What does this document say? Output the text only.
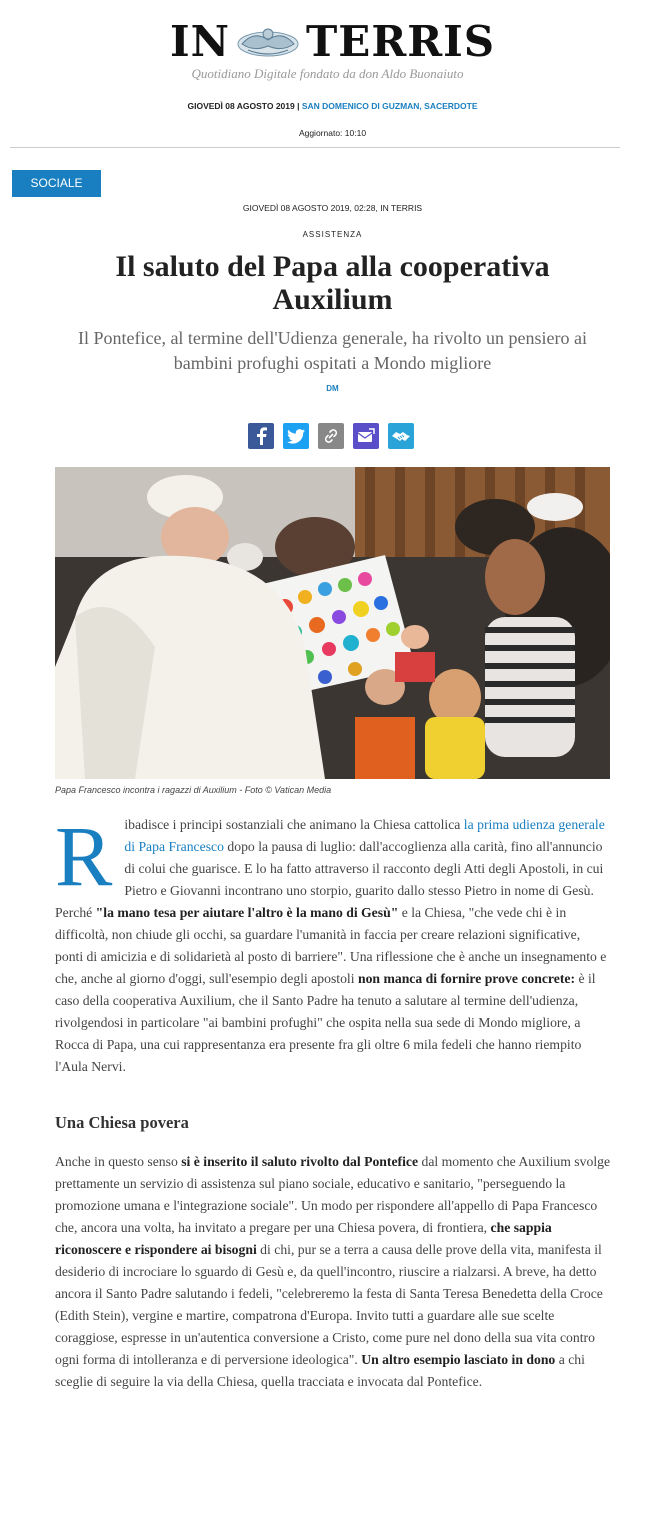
IN TERRIS
Quotidiano Digitale fondato da don Aldo Buonaiuto
GIOVEDÌ 08 AGOSTO 2019 | SAN DOMENICO DI GUZMAN, SACERDOTE
Aggiornato: 10:10
SOCIALE
GIOVEDÌ 08 AGOSTO 2019, 02:28, IN TERRIS
ASSISTENZA
Il saluto del Papa alla cooperativa Auxilium
Il Pontefice, al termine dell'Udienza generale, ha rivolto un pensiero ai bambini profughi ospitati a Mondo migliore
DM
Papa Francesco incontra i ragazzi di Auxilium - Foto © Vatican Media
Ribadisce i principi sostanziali che animano la Chiesa cattolica la prima udienza generale di Papa Francesco dopo la pausa di luglio: dall'accoglienza alla carità, fino all'annuncio di colui che guarisce. E lo ha fatto attraverso il racconto degli Atti degli Apostoli, in cui Pietro e Giovanni incontrano uno storpio, guarito dallo stesso Pietro in nome di Gesù. Perché "la mano tesa per aiutare l'altro è la mano di Gesù" e la Chiesa, "che vede chi è in difficoltà, non chiude gli occhi, sa guardare l'umanità in faccia per creare relazioni significative, ponti di amicizia e di solidarietà al posto di barriere". Una riflessione che è anche un insegnamento e che, anche al giorno d'oggi, sull'esempio degli apostoli non manca di fornire prove concrete: è il caso della cooperativa Auxilium, che il Santo Padre ha tenuto a salutare al termine dell'udienza, rivolgendosi in particolare "ai bambini profughi" che ospita nella sua sede di Mondo migliore, a Rocca di Papa, una cui rappresentanza era presente fra gli oltre 6 mila fedeli che hanno riempito l'Aula Nervi.
Una Chiesa povera
Anche in questo senso si è inserito il saluto rivolto dal Pontefice dal momento che Auxilium svolge prettamente un servizio di assistenza sul piano sociale, educativo e sanitario, "perseguendo la promozione umana e l'integrazione sociale". Un modo per rispondere all'appello di Papa Francesco che, ancora una volta, ha invitato a pregare per una Chiesa povera, di frontiera, che sappia riconoscere e rispondere ai bisogni di chi, pur se a terra a causa delle prove della vita, manifesta il desiderio di incrociare lo sguardo di Gesù e, da quell'incontro, riuscire a rialzarsi. A breve, ha detto ancora il Santo Padre salutando i fedeli, "celebreremo la festa di Santa Teresa Benedetta della Croce (Edith Stein), vergine e martire, compatrona d'Europa. Invito tutti a guardare alle sue scelte coraggiose, espresse in un'autentica conversione a Cristo, come pure nel dono della sua vita contro ogni forma di intolleranza e di perversione ideologica". Un altro esempio lasciato in dono a chi sceglie di seguire la via della Chiesa, quella tracciata e invocata dal Pontefice.
